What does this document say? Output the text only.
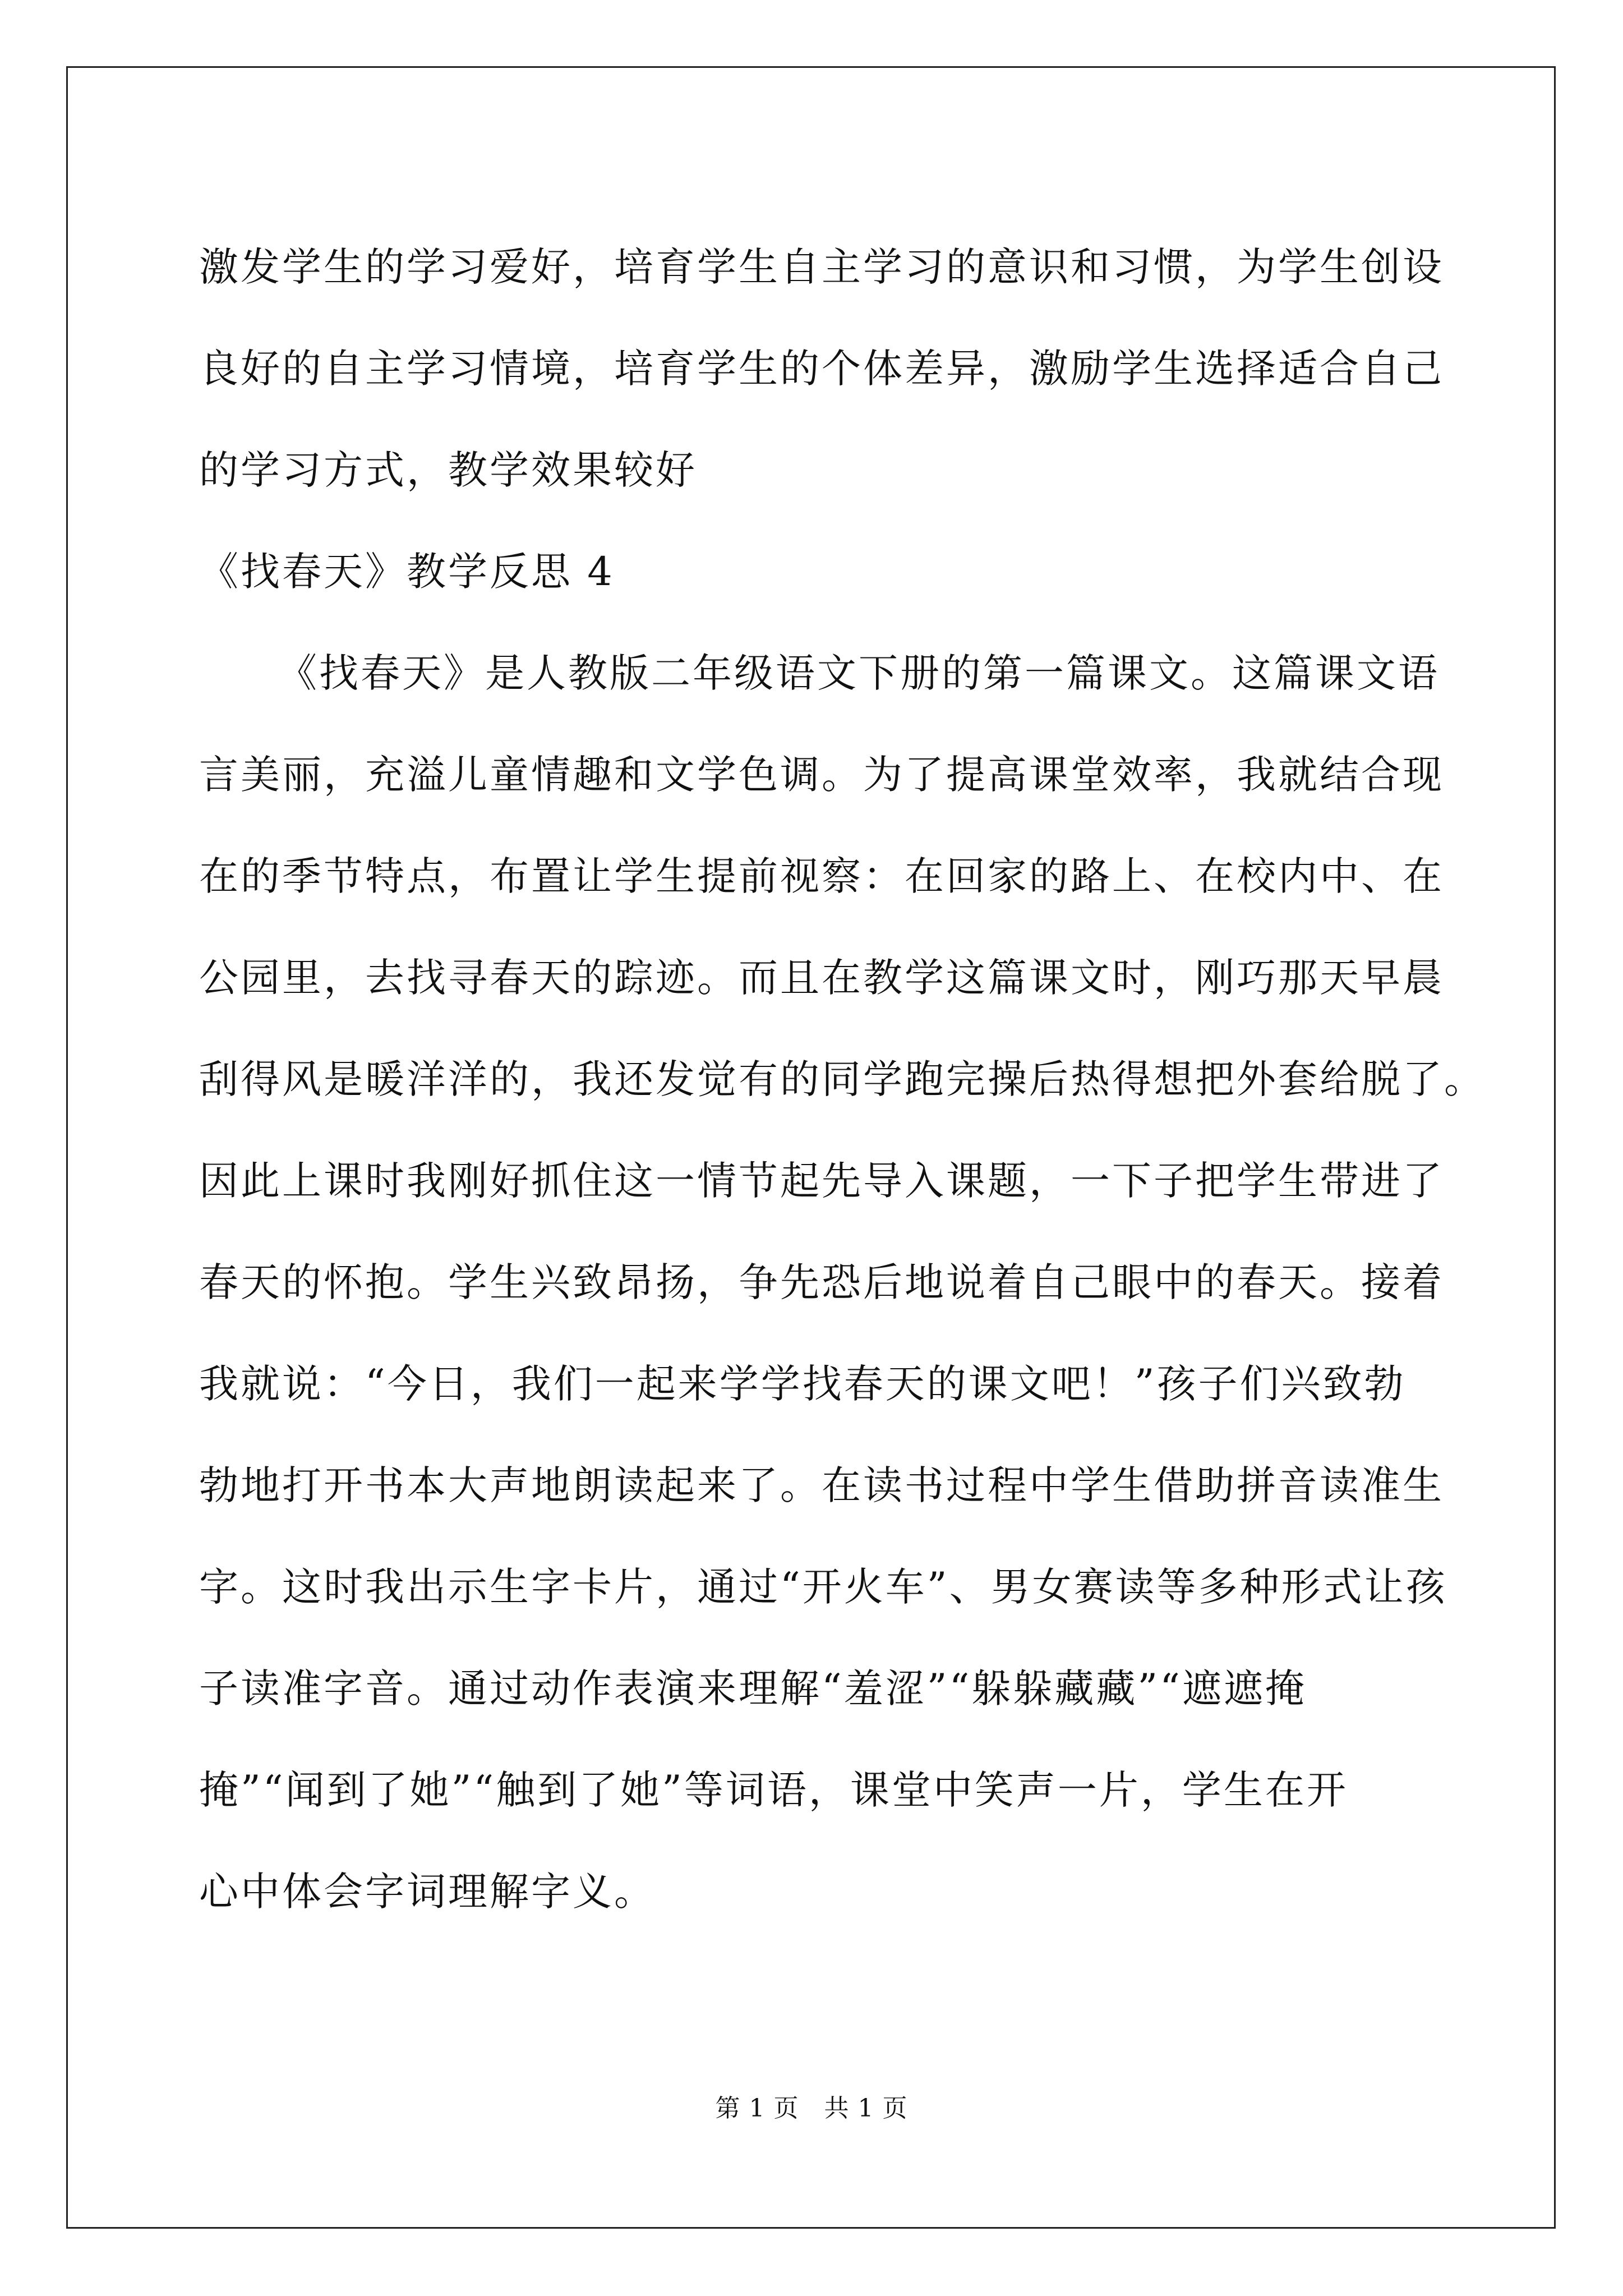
激发学生的学习爱好，培育学生自主学习的意识和习惯，为学生创设
良好的自主学习情境，培育学生的个体差异，激励学生选择适合自己
的学习方式，教学效果较好
《找春天》教学反思 4
《找春天》是人教版二年级语文下册的第一篇课文。这篇课文语
言美丽，充溢儿童情趣和文学色调。为了提高课堂效率，我就结合现
在的季节特点，布置让学生提前视察：在回家的路上、在校内中、在
公园里，去找寻春天的踪迹。而且在教学这篇课文时，刚巧那天早晨
刮得风是暖洋洋的，我还发觉有的同学跑完操后热得想把外套给脱了。
因此上课时我刚好抓住这一情节起先导入课题，一下子把学生带进了
春天的怀抱。学生兴致昂扬，争先恐后地说着自己眼中的春天。接着
我就说：“今日，我们一起来学学找春天的课文吧！”孩子们兴致勃
勃地打开书本大声地朗读起来了。在读书过程中学生借助拼音读准生
字。这时我出示生字卡片，通过“开火车”、男女赛读等多种形式让孩
子读准字音。通过动作表演来理解“羞涩”“躲躲藏藏”“遮遮掩
掩”“闻到了她”“触到了她”等词语，课堂中笑声一片，学生在开
心中体会字词理解字义。
第 1 页   共 1 页
